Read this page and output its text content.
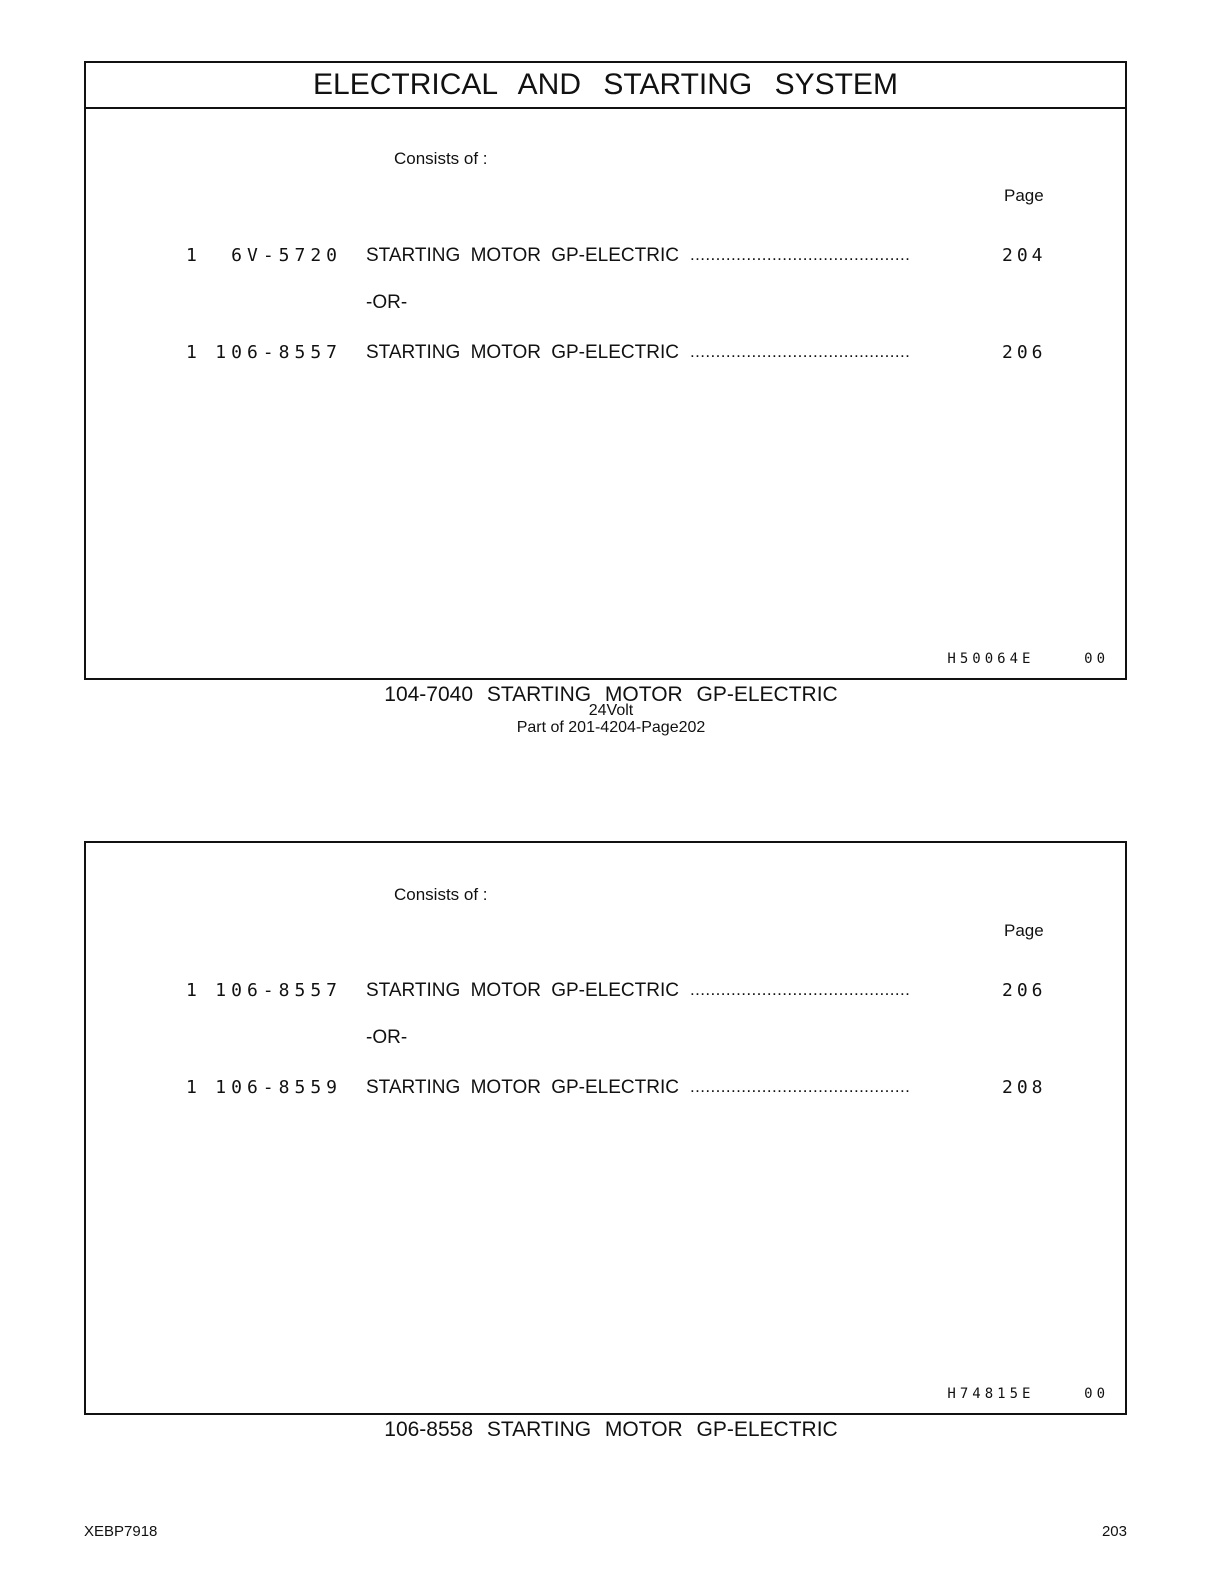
ELECTRICAL AND STARTING SYSTEM
Consists of :
Page
1	6V-5720 STARTING MOTOR GP-ELECTRIC ...........................................	204
-OR-
1	106-8557 STARTING MOTOR GP-ELECTRIC ...........................................	206
H50064E    00
104-7040 STARTING MOTOR GP-ELECTRIC
24Volt
Part of 201-4204-Page202
Consists of :
Page
1	106-8557 STARTING MOTOR GP-ELECTRIC ...........................................	206
-OR-
1	106-8559 STARTING MOTOR GP-ELECTRIC ...........................................	208
H74815E    00
106-8558 STARTING MOTOR GP-ELECTRIC
XEBP7918	203
